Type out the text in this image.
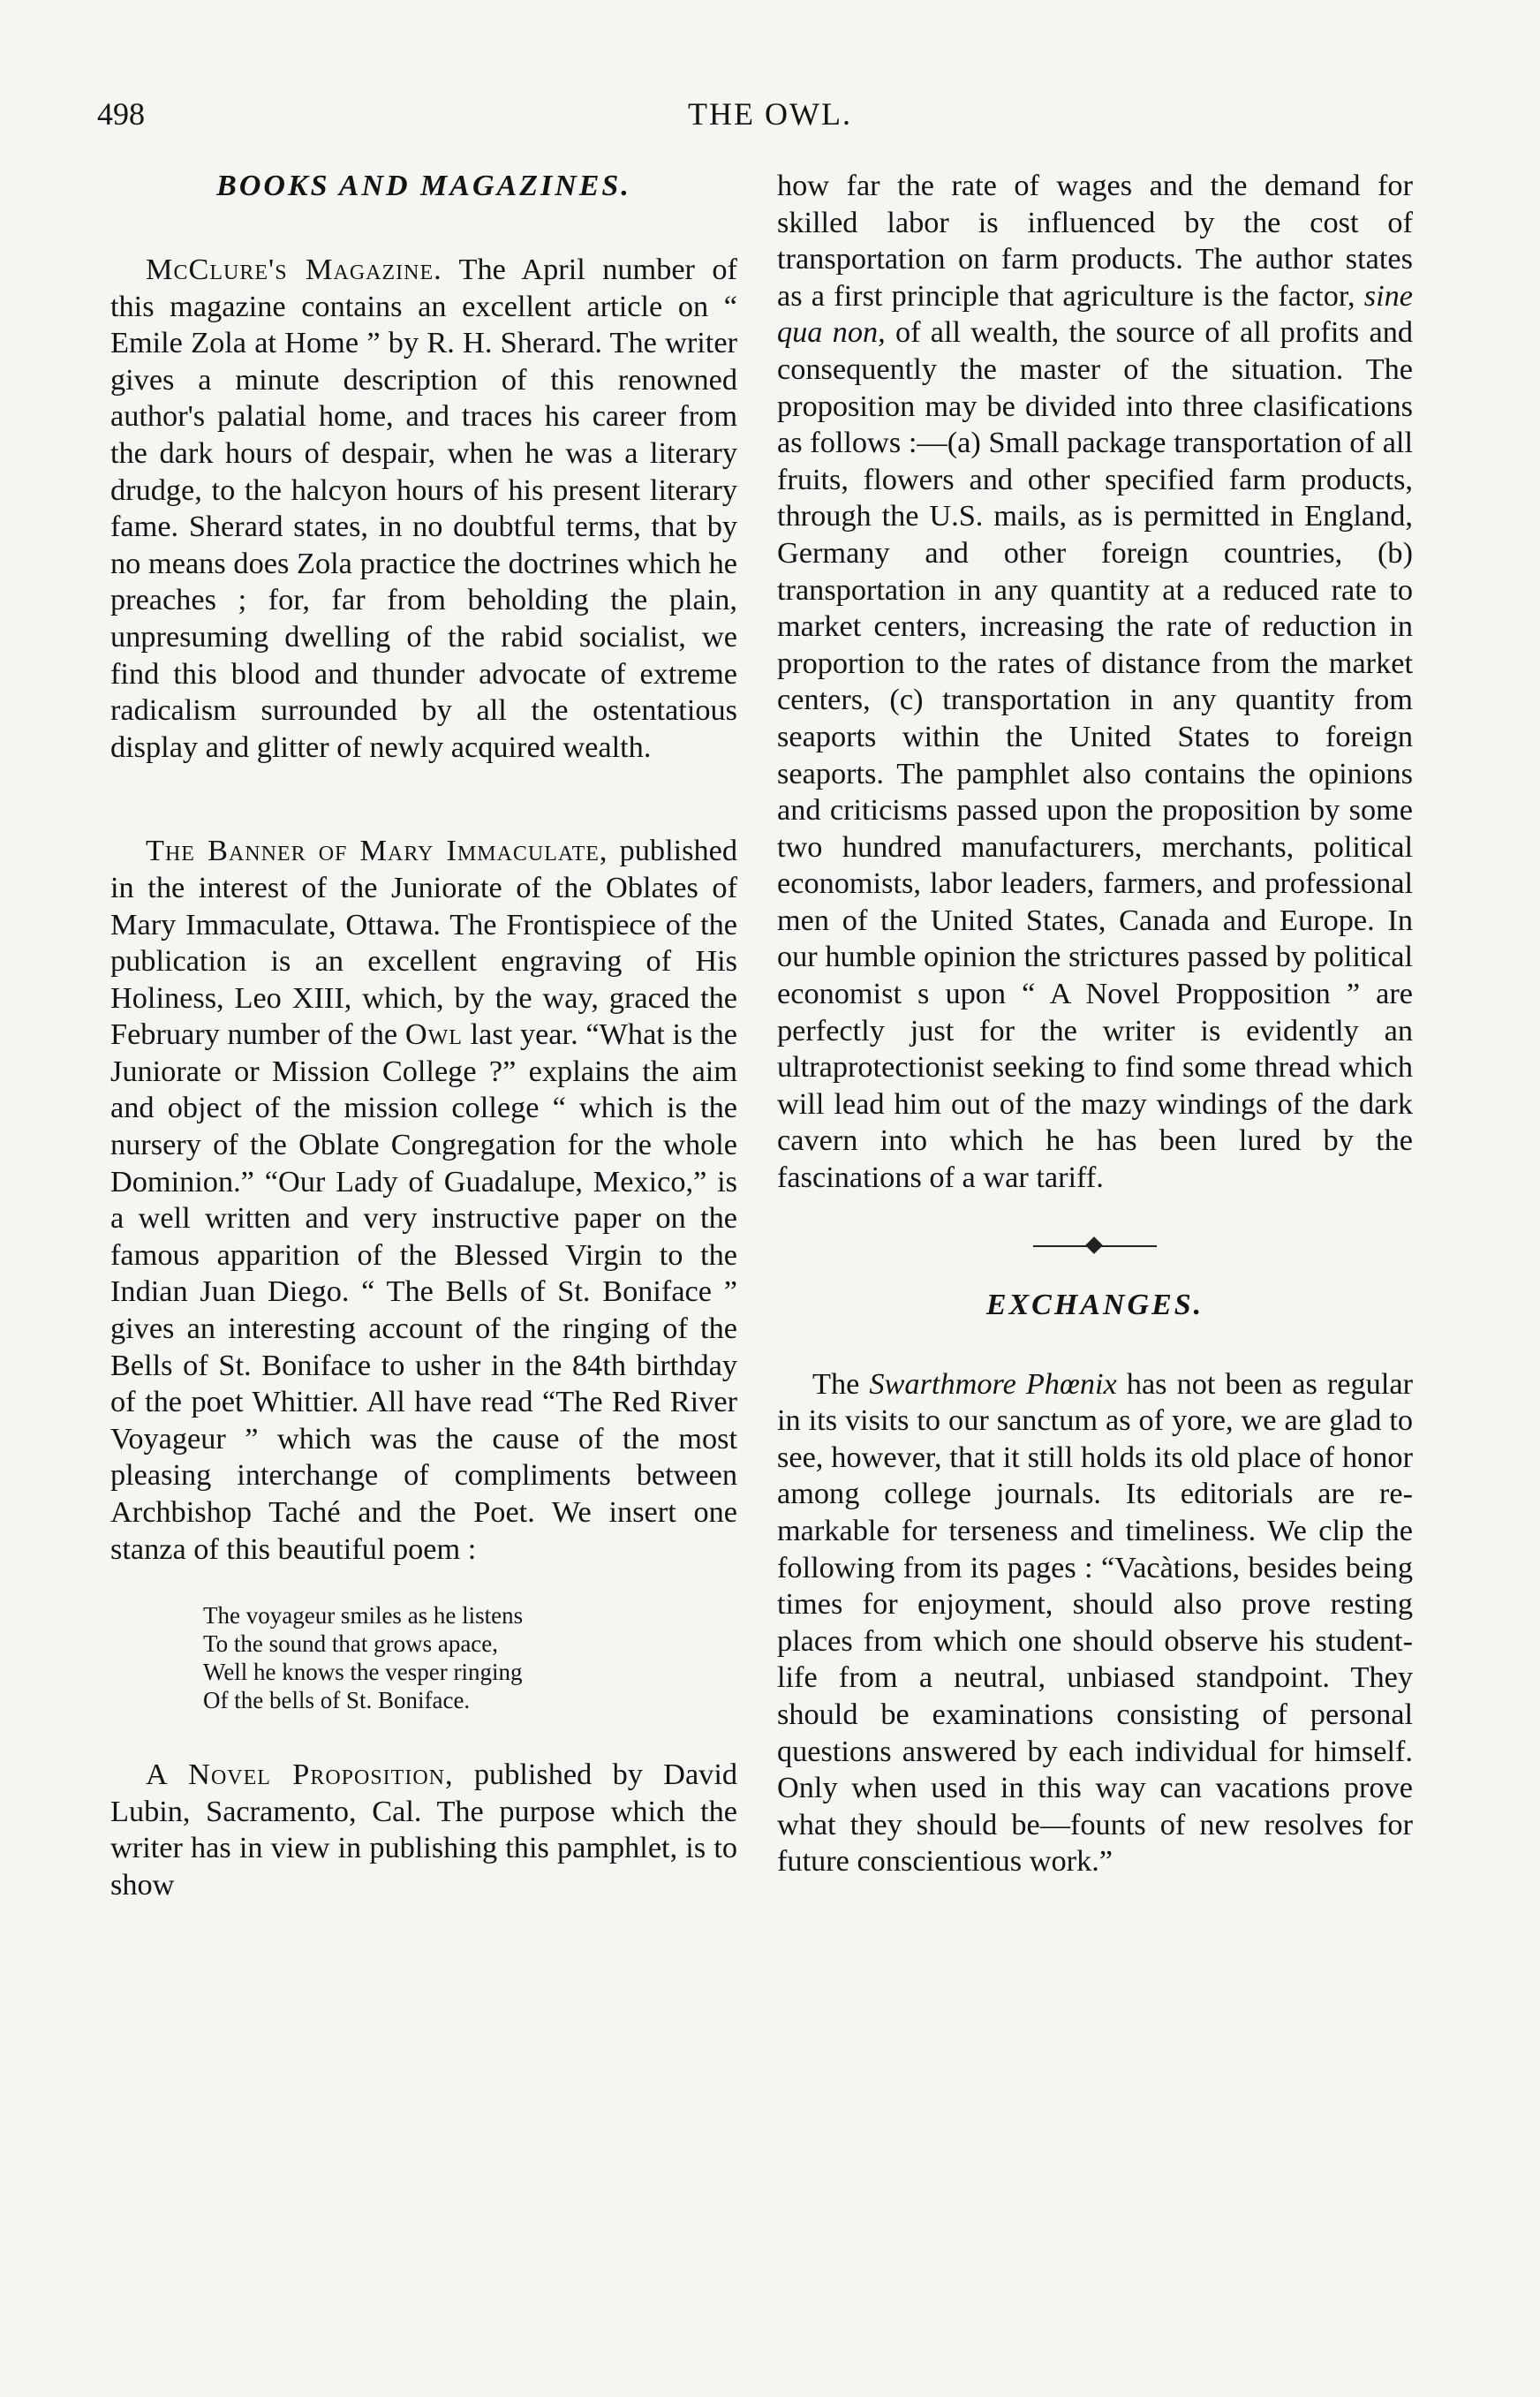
498	THE OWL.
BOOKS AND MAGAZINES.

McClure's Magazine. The April number of this magazine contains an excellent article on “ Emile Zola at Home ” by R. H. Sherard. The writer gives a minute description of this renowned author's palatial home, and traces his career from the dark hours of despair, when he was a literary drudge, to the halcyon hours of his present literary fame. Sherard states, in no doubtful terms, that by no means does Zola practice the doctrines which he preaches ; for, far from beholding the plain, unpresuming dwelling of the rabid socialist, we find this blood and thunder advocate of extreme radicalism surrounded by all the ostentatious display and glitter of newly acquired wealth.

The Banner of Mary Immaculate, published in the interest of the Juniorate of the Oblates of Mary Immaculate, Ottawa. The Frontispiece of the publication is an excellent engraving of His Holiness, Leo XIII, which, by the way, graced the February number of the Owl last year. “What is the Juniorate or Mission College ?” explains the aim and object of the mission college “ which is the nursery of the Oblate Congregation for the whole Dominion.” “Our Lady of Guadalupe, Mexico,” is a well written and very instructive paper on the famous apparition of the Blessed Virgin to the Indian Juan Diego. “ The Bells of St. Boniface ” gives an interesting account of the ringing of the Bells of St. Boniface to usher in the 84th birthday of the poet Whittier. All have read “The Red River Voyageur ” which was the cause of the most pleasing interchange of compliments between Archbishop Taché and the Poet. We insert one stanza of this beautiful poem :

The voyageur smiles as he listens
To the sound that grows apace,
Well he knows the vesper ringing
Of the bells of St. Boniface.

A Novel Proposition, published by David Lubin, Sacramento, Cal. The purpose which the writer has in view in publishing this pamphlet, is to show

how far the rate of wages and the demand for skilled labor is influenced by the cost of transportation on farm products. The author states as a first principle that agriculture is the factor, sine qua non, of all wealth, the source of all profits and consequently the master of the situation. The proposition may be divided into three clasifications as follows :—(a) Small package transportation of all fruits, flowers and other specified farm products, through the U.S. mails, as is permitted in England, Germany and other foreign countries, (b) transportation in any quantity at a reduced rate to market centers, increasing the rate of reduction in proportion to the rates of distance from the market centers, (c) transportation in any quantity from seaports within the United States to foreign seaports. The pamphlet also contains the opinions and criticisms passed upon the proposition by some two hundred manufacturers, merchants, political economists, labor leaders, farmers, and professional men of the United States, Canada and Europe. In our humble opinion the strictures passed by political economist s upon “ A Novel Propposition ” are perfectly just for the writer is evidently an ultraprotectionist seeking to find some thread which will lead him out of the mazy windings of the dark cavern into which he has been lured by the fascinations of a war tariff.

EXCHANGES.

The Swarthmore Phœnix has not been as regular in its visits to our sanctum as of yore, we are glad to see, however, that it still holds its old place of honor among college journals. Its editorials are remarkable for terseness and timeliness. We clip the following from its pages : “Vacàtions, besides being times for enjoyment, should also prove resting places from which one should observe his student-life from a neutral, unbiased standpoint. They should be examinations consisting of personal questions answered by each individual for himself. Only when used in this way can vacations prove what they should be—founts of new resolves for future conscientious work.”
